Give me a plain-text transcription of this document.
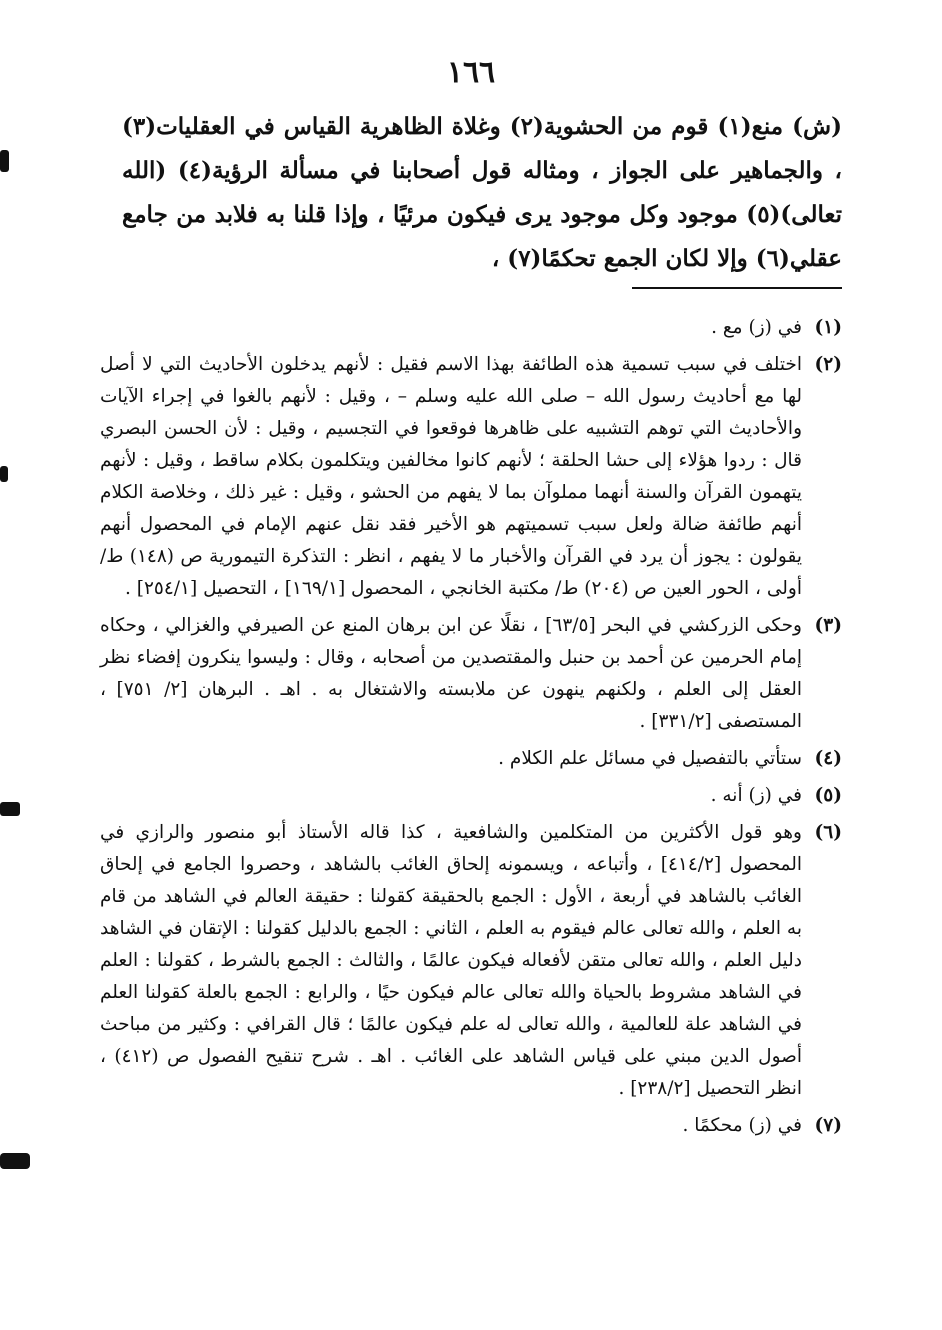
١٦٦

(ش) منع(١) قوم من الحشوية(٢) وغلاة الظاهرية القياس في العقليات(٣) ، والجماهير على الجواز ، ومثاله قول أصحابنا في مسألة الرؤية(٤) (الله تعالى)(٥) موجود وكل موجود يرى فيكون مرئيًا ، وإذا قلنا به فلابد من جامع عقلي(٦) وإلا لكان الجمع تحكمًا(٧) ،

(١)
في (ز) مع .
(٢)
اختلف في سبب تسمية هذه الطائفة بهذا الاسم فقيل : لأنهم يدخلون الأحاديث التي لا أصل لها مع أحاديث رسول الله – صلى الله عليه وسلم – ، وقيل : لأنهم بالغوا في إجراء الآيات والأحاديث التي توهم التشبيه على ظاهرها فوقعوا في التجسيم ، وقيل : لأن الحسن البصري قال : ردوا هؤلاء إلى حشا الحلقة ؛ لأنهم كانوا مخالفين ويتكلمون بكلام ساقط ، وقيل : لأنهم يتهمون القرآن والسنة أنهما مملوآن بما لا يفهم من الحشو ، وقيل : غير ذلك ، وخلاصة الكلام أنهم طائفة ضالة ولعل سبب تسميتهم هو الأخير فقد نقل عنهم الإمام في المحصول أنهم يقولون : يجوز أن يرد في القرآن والأخبار ما لا يفهم ، انظر : التذكرة التيمورية ص (١٤٨) ط/ أولى ، الحور العين ص (٢٠٤) ط/ مكتبة الخانجي ، المحصول [١٦٩/١] ، التحصيل [٢٥٤/١] .
(٣)
وحكى الزركشي في البحر [٦٣/٥] ، نقلًا عن ابن برهان المنع عن الصيرفي والغزالي ، وحكاه إمام الحرمين عن أحمد بن حنبل والمقتصدين من أصحابه ، وقال : وليسوا ينكرون إفضاء نظر العقل إلى العلم ، ولكنهم ينهون عن ملابسته والاشتغال به . اهـ . البرهان [٢/ ٧٥١] ، المستصفى [٣٣١/٢] .
(٤)
ستأتي بالتفصيل في مسائل علم الكلام .
(٥)
في (ز) أنه .
(٦)
وهو قول الأكثرين من المتكلمين والشافعية ، كذا قاله الأستاذ أبو منصور والرازي في المحصول [٤١٤/٢] ، وأتباعه ، ويسمونه إلحاق الغائب بالشاهد ، وحصروا الجامع في إلحاق الغائب بالشاهد في أربعة ، الأول : الجمع بالحقيقة كقولنا : حقيقة العالم في الشاهد من قام به العلم ، والله تعالى عالم فيقوم به العلم ، الثاني : الجمع بالدليل كقولنا : الإتقان في الشاهد دليل العلم ، والله تعالى متقن لأفعاله فيكون عالمًا ، والثالث : الجمع بالشرط ، كقولنا : العلم في الشاهد مشروط بالحياة والله تعالى عالم فيكون حيًا ، والرابع : الجمع بالعلة كقولنا العلم في الشاهد علة للعالمية ، والله تعالى له علم فيكون عالمًا ؛ قال القرافي : وكثير من مباحث أصول الدين مبني على قياس الشاهد على الغائب . اهـ . شرح تنقيح الفصول ص (٤١٢) ، انظر التحصيل [٢٣٨/٢] .
(٧)
في (ز) محكمًا .
